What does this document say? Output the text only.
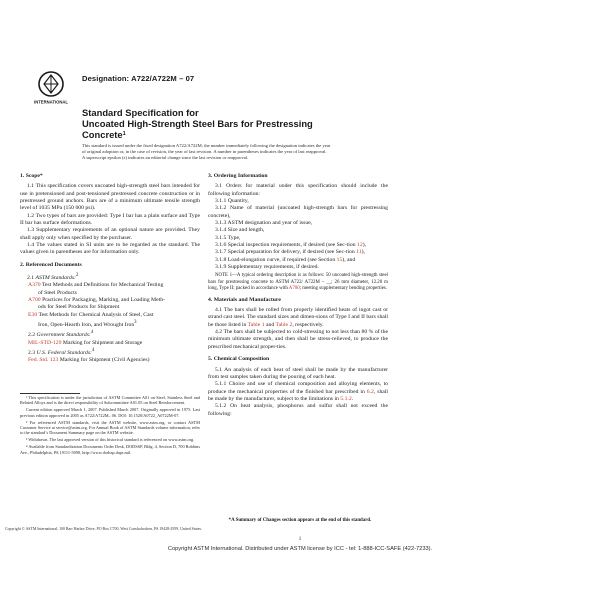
INTERNATIONAL
Designation: A722/A722M – 07
Standard Specification for
Uncoated High-Strength Steel Bars for Prestressing
Concrete$^1$
This standard is issued under the fixed designation A722/A722M; the number immediately following the designation indicates the year
of original adoption or, in the case of revision, the year of last revision. A number in parentheses indicates the year of last reapproval.
A superscript epsilon (ε) indicates an editorial change since the last revision or reapproval.
1. Scope*

1.1 This specification covers uncoated high-strength steel bars intended for use in pretensioned and post-tensioned prestressed concrete construction or in prestressed ground anchors. Bars are of a minimum ultimate tensile strength level of 1035 MPa (150 000 psi).

1.2 Two types of bars are provided: Type I bar has a plain surface and Type II bar has surface deformations.

1.3 Supplementary requirements of an optional nature are provided. They shall apply only when specified by the purchaser.

1.4 The values stated in SI units are to be regarded as the standard. The values given in parentheses are for information only.

2. Referenced Documents

2.1 ASTM Standards:$^2$

A370 Test Methods and Definitions for Mechanical Testing
of Steel Products
A700 Practices for Packaging, Marking, and Loading Meth-
ods for Steel Products for Shipment
E30 Test Methods for Chemical Analysis of Steel, Cast
Iron, Open-Hearth Iron, and Wrought Iron$^3$

2.2 Government Standards:$^4$

MIL-STD-129 Marking for Shipment and Storage

2.3 U.S. Federal Standards:$^4$

Fed. Std. 123 Marking for Shipment (Civil Agencies)

¹ This specification is under the jurisdiction of ASTM Committee A01 on Steel, Stainless Steel and Related Alloys and is the direct responsibility of Subcommittee A01.05 on Steel Reinforcement.

Current edition approved March 1, 2007. Published March 2007. Originally approved in 1975. Last previous edition approved in 2005 as A722/A722M– 06. DOI: 10.1520/A0722_A0722M-07.

² For referenced ASTM standards, visit the ASTM website, www.astm.org, or contact ASTM Customer Service at service@astm.org. For Annual Book of ASTM Standards volume information, refer to the standard’s Document Summary page on the ASTM website.

³ Withdrawn. The last approved version of this historical standard is referenced on www.astm.org.

⁴ Available from Standardization Documents Order Desk, DODSSP, Bldg. 4, Section D, 700 Robbins Ave., Philadelphia, PA 19111-5098, http://www.dodssp.daps.mil.

3. Ordering Information

3.1 Orders for material under this specification should include the following information:

3.1.1 Quantity,

3.1.2 Name of material (uncoated high-strength bars for prestressing concrete),

3.1.3 ASTM designation and year of issue,

3.1.4 Size and length,

3.1.5 Type,

3.1.6 Special inspection requirements, if desired (see Sec-tion 12),

3.1.7 Special preparation for delivery, if desired (see Sec-tion 11),

3.1.8 Load-elongation curve, if required (see Section 15), and

3.1.9 Supplementary requirements, if desired.

NOTE 1—A typical ordering description is as follows: 50 uncoated high-strength steel bars for prestressing concrete to ASTM A722/ A722M – __; 26 mm diameter, 12.20 m long, Type II; packed in accordance with A700; meeting supplementary bending properties.

4. Materials and Manufacture

4.1 The bars shall be rolled from properly identified heats of ingot cast or strand cast steel. The standard sizes and dimen-sions of Type I and II bars shall be those listed in Table 1 and Table 2, respectively.

4.2 The bars shall be subjected to cold-stressing to not less than 80 % of the minimum ultimate strength, and then shall be stress-relieved, to produce the prescribed mechanical proper-ties.

5. Chemical Composition

5.1 An analysis of each heat of steel shall be made by the manufacturer from test samples taken during the pouring of each heat.

5.1.1 Choice and use of chemical composition and alloying elements, to produce the mechanical properties of the finished bar prescribed in 6.2, shall be made by the manufacturer, subject to the limitations in 5.1.2.

5.1.2 On heat analysis, phosphorus and sulfur shall not exceed the following:

*A Summary of Changes section appears at the end of this standard.
Copyright © ASTM International, 100 Barr Harbor Drive, PO Box C700, West Conshohocken, PA 19428-2959, United States.
1
Copyright ASTM International. Distributed under ASTM license by ICC - tel: 1-888-ICC-SAFE (422-7233).
